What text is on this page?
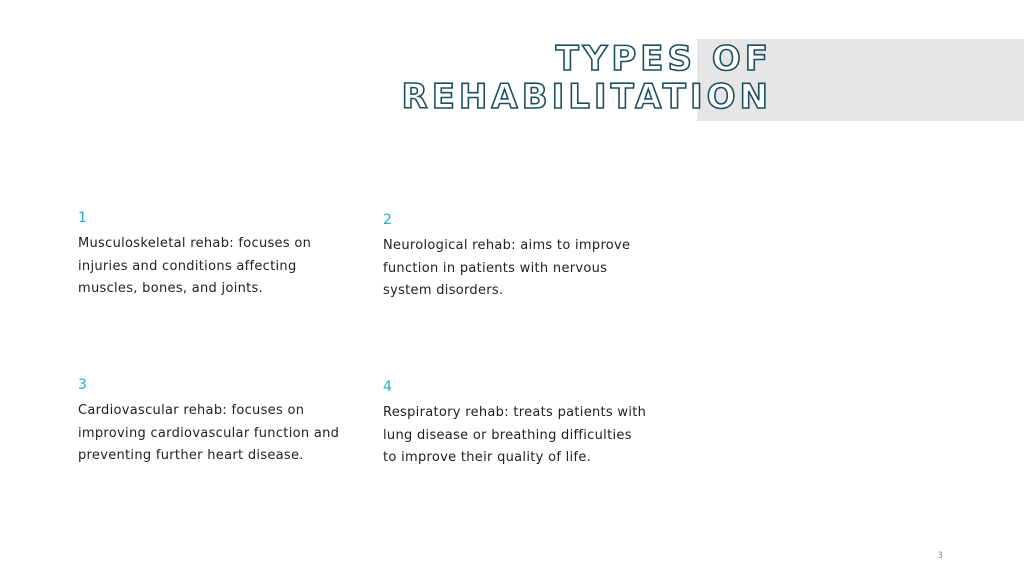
TYPES OF
REHABILITATION

1

Musculoskeletal rehab: focuses on injuries and conditions affecting muscles, bones, and joints.

2

Neurological rehab: aims to improve function in patients with nervous system disorders.

3

Cardiovascular rehab: focuses on improving cardiovascular function and preventing further heart disease.

4

Respiratory rehab: treats patients with lung disease or breathing difficulties to improve their quality of life.

3
